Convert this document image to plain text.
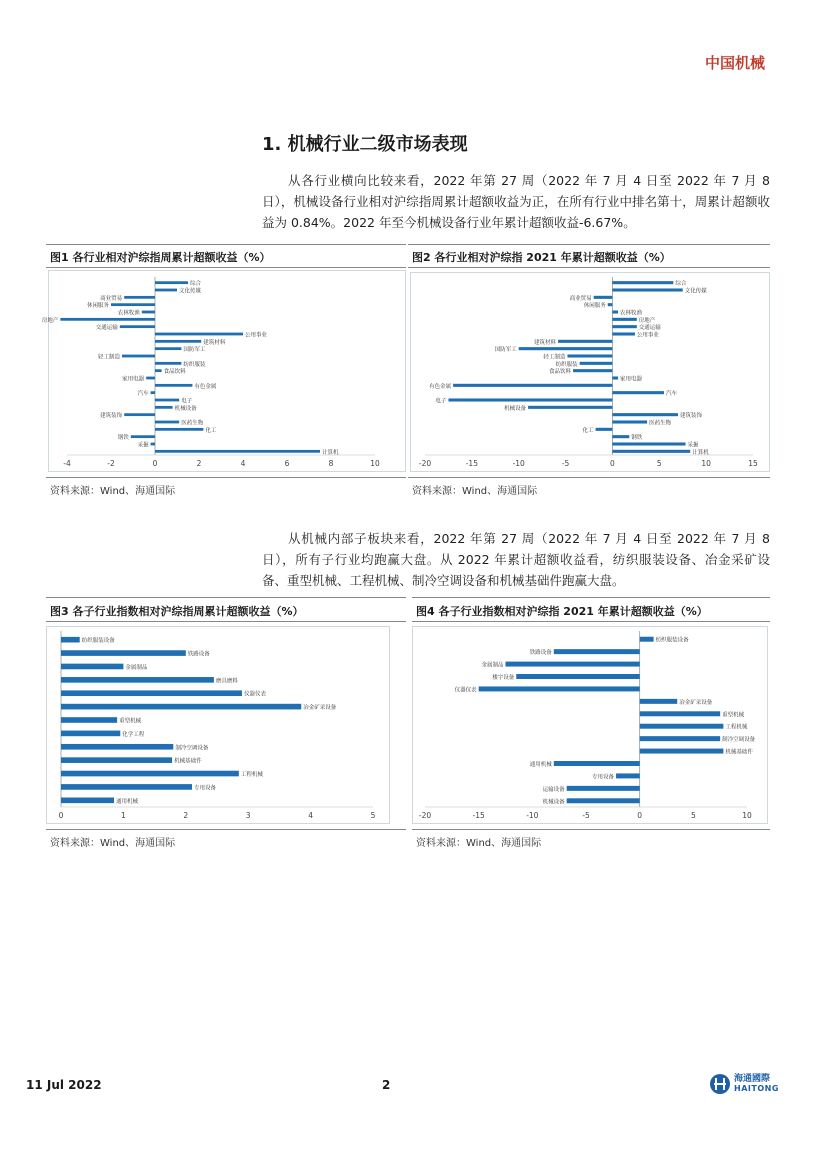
中国机械
1. 机械行业二级市场表现
从各行业横向比较来看，2022 年第 27 周（2022 年 7 月 4 日至 2022 年 7 月 8 日），机械设备行业相对沪综指周累计超额收益为正，在所有行业中排名第十，周累计超额收益为 0.84%。2022 年至今机械设备行业年累计超额收益-6.67%。
图1 各行业相对沪综指周累计超额收益（%）
综合
文化传媒
商业贸易
休闲服务
农林牧渔
房地产
交通运输
公用事业
建筑材料
国防军工
轻工制造
纺织服装
食品饮料
家用电器
有色金属
汽车
电子
机械设备
建筑装饰
医药生物
化工
钢铁
采掘
计算机
-4	-2	0	2	4	6	8	10
资料来源：Wind、海通国际
图2 各行业相对沪综指 2021 年累计超额收益（%）
综合
文化传媒
商业贸易
休闲服务
农林牧渔
房地产
交通运输
公用事业
建筑材料
国防军工
轻工制造
纺织服装
食品饮料
家用电器
有色金属
汽车
电子
机械设备
建筑装饰
医药生物
化工
钢铁
采掘
计算机
-20	-15	-10	-5	0	5	10	15
资料来源：Wind、海通国际
从机械内部子板块来看，2022 年第 27 周（2022 年 7 月 4 日至 2022 年 7 月 8 日），所有子行业均跑赢大盘。从 2022 年累计超额收益看，纺织服装设备、冶金采矿设备、重型机械、工程机械、制冷空调设备和机械基础件跑赢大盘。
图3 各子行业指数相对沪综指周累计超额收益（%）
纺织服装设备
铁路设备
金属制品
磨具磨料
仪器仪表
冶金矿采设备
重型机械
化学工程
制冷空调设备
机械基础件
工程机械
专用设备
通用机械
0	1	2	3	4	5
资料来源：Wind、海通国际
图4 各子行业指数相对沪综指 2021 年累计超额收益（%）
纺织服装设备
铁路设备
金属制品
楼宇设备
仪器仪表
冶金矿采设备
重型机械
工程机械
制冷空调设备
机械基础件
通用机械
专用设备
运输设备
机械设备
-20	-15	-10	-5	0	5	10
资料来源：Wind、海通国际
11 Jul 2022	2	海通國際
HAITONG
